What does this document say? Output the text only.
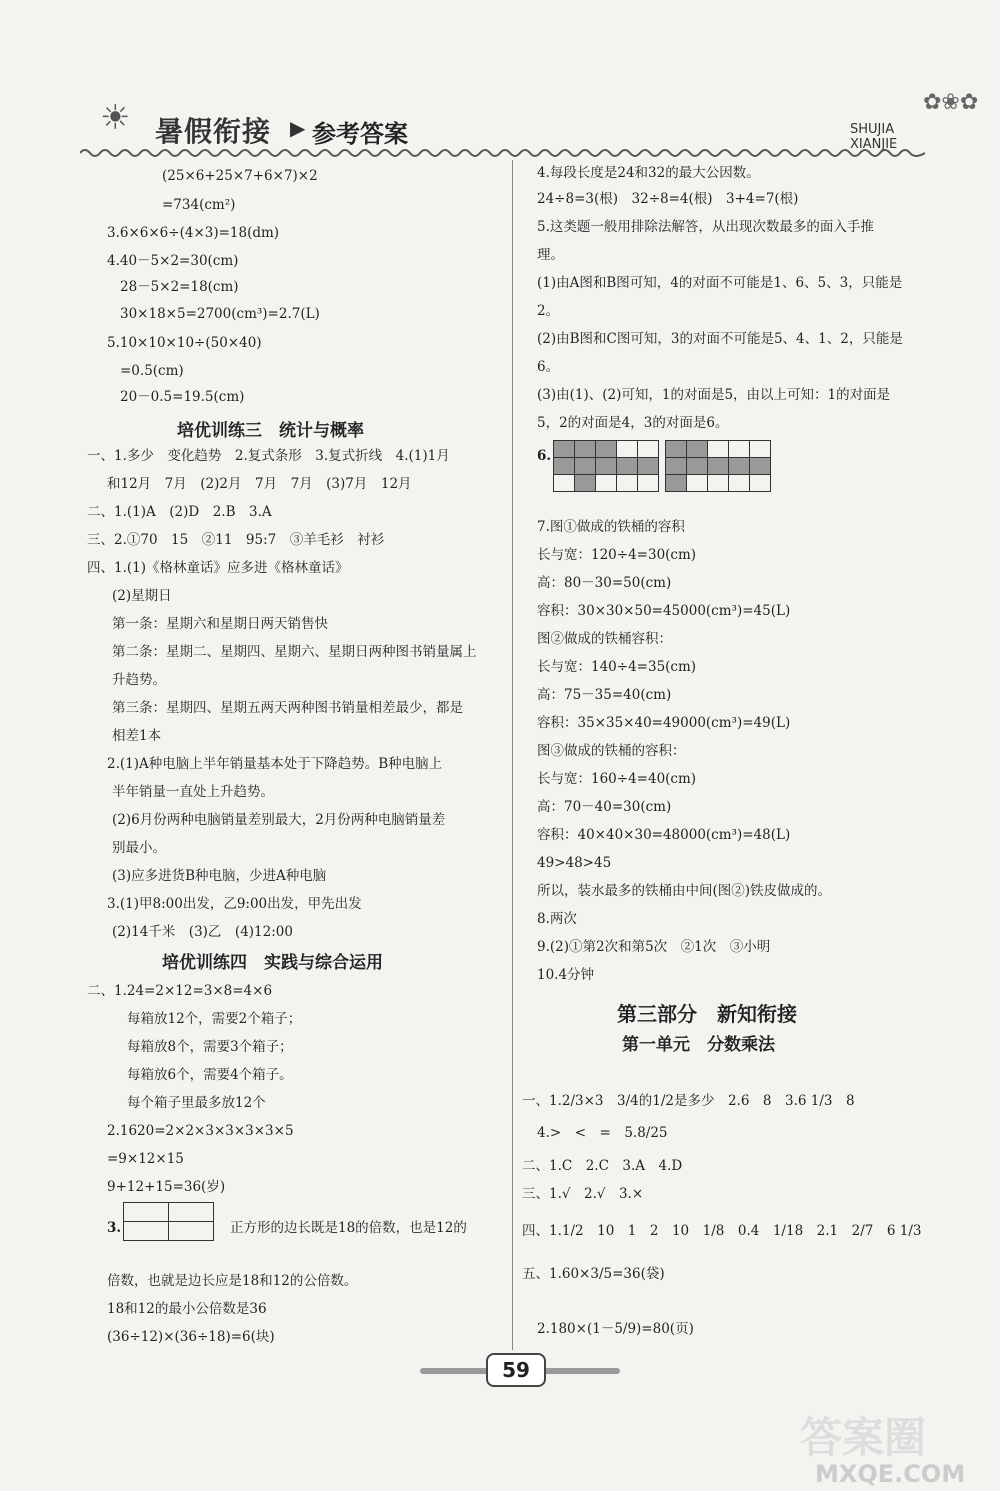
☀ 暑假衔接 ▶ 参考答案	SHUJIA XIANJIE
✿❀✿
3.

(25×6+25×7+6×7)×2
=734(cm²)
3.6×6×6÷(4×3)=18(dm)
4.40－5×2=30(cm)
28－5×2=18(cm)
30×18×5=2700(cm³)=2.7(L)
5.10×10×10÷(50×40)
=0.5(cm)
20－0.5=19.5(cm)
一、1.多少　变化趋势　2.复式条形　3.复式折线　4.(1)1月
和12月　7月　(2)2月　7月　7月　(3)7月　12月
二、1.(1)A　(2)D　2.B　3.A
三、2.①70　15　②11　95:7　③羊毛衫　衬衫
四、1.(1)《格林童话》应多进《格林童话》
(2)星期日
第一条：星期六和星期日两天销售快
第二条：星期二、星期四、星期六、星期日两种图书销量属上
升趋势。
第三条：星期四、星期五两天两种图书销量相差最少，都是
相差1本
2.(1)A种电脑上半年销量基本处于下降趋势。B种电脑上
半年销量一直处上升趋势。
(2)6月份两种电脑销量差别最大，2月份两种电脑销量差
别最小。
(3)应多进货B种电脑，少进A种电脑
3.(1)甲8:00出发，乙9:00出发，甲先出发
(2)14千米　(3)乙　(4)12:00
二、1.24=2×12=3×8=4×6
每箱放12个，需要2个箱子；
每箱放8个，需要3个箱子；
每箱放6个，需要4个箱子。
每个箱子里最多放12个
2.1620=2×2×3×3×3×3×5
=9×12×15
9+12+15=36(岁)
正方形的边长既是18的倍数，也是12的
倍数，也就是边长应是18和12的公倍数。
18和12的最小公倍数是36
(36÷12)×(36÷18)=6(块)
培优训练三　统计与概率
培优训练四　实践与综合运用
6.

4.每段长度是24和32的最大公因数。
24÷8=3(根)　32÷8=4(根)　3+4=7(根)
5.这类题一般用排除法解答，从出现次数最多的面入手推
理。
(1)由A图和B图可知，4的对面不可能是1、6、5、3，只能是
2。
(2)由B图和C图可知，3的对面不可能是5、4、1、2，只能是
6。
(3)由(1)、(2)可知，1的对面是5，由以上可知：1的对面是
5，2的对面是4，3的对面是6。
7.图①做成的铁桶的容积
长与宽：120÷4=30(cm)
高：80－30=50(cm)
容积：30×30×50=45000(cm³)=45(L)
图②做成的铁桶容积：
长与宽：140÷4=35(cm)
高：75－35=40(cm)
容积：35×35×40=49000(cm³)=49(L)
图③做成的铁桶的容积：
长与宽：160÷4=40(cm)
高：70－40=30(cm)
容积：40×40×30=48000(cm³)=48(L)
49>48>45
所以，装水最多的铁桶由中间(图②)铁皮做成的。
8.两次
9.(2)①第2次和第5次　②1次　③小明
10.4分钟
一、1.2/3×3　3/4的1/2是多少　2.6　8　3.6 1/3　8
4.>　<　=　5.8/25
二、1.C　2.C　3.A　4.D
三、1.√　2.√　3.×
四、1.1/2　10　1　2　10　1/8　0.4　1/18　2.1　2/7　6 1/3
五、1.60×3/5=36(袋)
2.180×(1－5/9)=80(页)
第三部分　新知衔接
第一单元　分数乘法
59
答案圈
MXQE.COM
